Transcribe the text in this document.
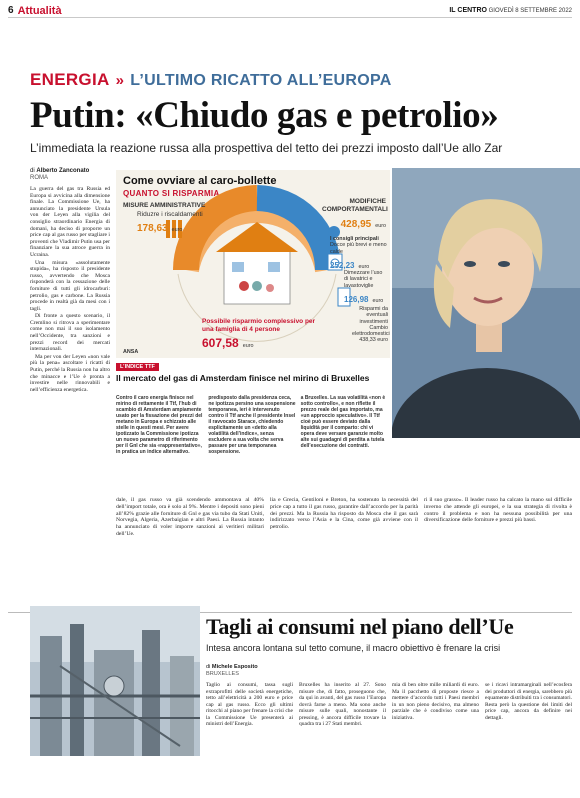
6 Attualità	IL CENTRO GIOVEDÌ 8 SETTEMBRE 2022
ENERGIA » L’ULTIMO RICATTO ALL’EUROPA
Putin: «Chiudo gas e petrolio»
L’immediata la reazione russa alla prospettiva del tetto dei prezzi imposto dall’Ue allo Zar
di Alberto Zanconato
ROMA

La guerra del gas tra Russia ed Europa si avvicina alla dimensione finale. La Commissione Ue, ha annunciato la presidente Ursula von der Leyen alla vigilia del consiglio straordinario Energia di domani, ha deciso di proporre un price cap al gas russo per stagliare i proventi che Vladimir Putin usa per finanziare la sua atroce guerra in Ucraina.

Una misura «assolutamente stupida», ha risposto il presidente russo, avvertendo che Mosca risponderà con la cessazione delle forniture di tutti gli idrocarburi: petrolio, gas e carbone. La Russia procede in realtà già da mesi con i tagli.

Di fronte a questo scenario, il Cremlino si ritrova a sperimentare come non mai il suo isolamento nell’Occidente, tra sanzioni e prezzi record dei mercati internazionali.

Ma per von der Leyen «non vale più la pena» ascoltare i ricatti di Putin, perché la Russia non ha altro che minacce e l’Ue è pronta a investire nelle rinnovabili e nell’efficienza energetica.

Come ovviare al caro-bollette
QUANTO SI RISPARMIA
MISURE AMMINISTRATIVE
Riduzre i riscaldamenti
178,63 euro
MODIFICHE COMPORTAMENTALI
428,95 euro
I consigli principali
Docce più brevi e meno calde
252,23 euro
Dimezzare l’uso di lavatrici e lavastoviglie
126,98 euro
Risparmi da eventuali investimenti
Cambio elettrodomestici
438,33 euro
Possibile risparmio complessivo per una famiglia di 4 persone
607,58 euro
ANSA
L’INDICE TTF
Il mercato del gas di Amsterdam finisce nel mirino di Bruxelles
Contro il caro energia finisce nel mirino di rettamente il Ttf, l’hub di scambio di Amsterdam ampiamente usato per la fissazione dei prezzi del metano in Europa e schizzato alle stelle in questi mesi. Per avere ipotizzato la Commissione ipotizza un nuovo parametro di riferimento per il Gnl che sia «rappresentativo», in pratica un indice alternativo.
predisposto dalla presidenza ceca, ne ipotizza persino una sospensione temporanea, ieri è intervenuto contro il Ttf anche il presidente Insel il ravvocato Starace, chiedendo esplicitamente un «detto alla volatilità dell’indice», senza escludere a sua volta che serva passare per una temporanea sospensione.
a Bruxelles. La sua volatilità «non è sotto controllo», e non riflette il prezzo reale del gas importato, ma «un approccio speculativo». Il Ttf cioè può essere deviato dalla liquidità per il comparto: chi vi opera deve versare garanzie molto alte sui guadagni di perdita a tutela dell’esecuzione dei contratti.
dale, il gas russo va già scendendo ammontava al 40% dell’import totale, ora è solo al 9%. Mentre i depositi sono pieni all’82% grazie alle forniture di Gnl e gas via tubo da Stati Uniti, Norvegia, Algeria, Azerbaigian e altri Paesi. La Russia intanto ha annunciato di voler imporre sanzioni ai veritieri militari dell’Ue.
lia e Grecia, Gentiloni e Breton, ha sostenuto la necessità del price cap a tutto il gas russo, garantire dall’accordo per la parità dei prezzi. Ma la Russia ha risposto da Mosca che il gas sarà indirizzato verso l’Asia e la Cina, come già avviene con il petrolio.
ri il suo grasso». Il leader russo ha calcato la mano sul difficile inverno che attende gli europei, e la sua strategia di rivolta è contro il problema e non ha nessuna possibilità per una diversificazione delle forniture e prezzi più bassi.
Tagli ai consumi nel piano dell’Ue
Intesa ancora lontana sul tetto comune, il macro obiettivo è frenare la crisi
di Michele Esposito
BRUXELLES
Taglio ai consumi, tassa sugli extraprofitti delle società energetiche, tetto all’elettricità a 200 euro e price cap al gas russo. Ecco gli ultimi ritocchi al piano per frenare la crisi che la Commissione Ue presenterà ai ministri dell’Energia.
Bruxelles ha inserito al 27. Sono misure che, di fatto, proseguono che, da qui in avanti, del gas russo l’Europa dovrà farne a meno. Ma sono anche misure sulle quali, nonostante il pressing, è ancora difficile trovare la quadra tra i 27 Stati membri.
mia di ben oltre mille miliardi di euro. Ma il pacchetto di proposte riesce a mettere d’accordo tutti i Paesi membri in un non pieno decisivo, ma almeno parziale che è condiviso come una iniziativa.
se i ricavi intramarginali nell’ecosfera dei produttori di energia, sarebbero più equamente distribuiti tra i consumatori. Resta però la questione dei limiti del price cap, ancora da definire nei dettagli.
